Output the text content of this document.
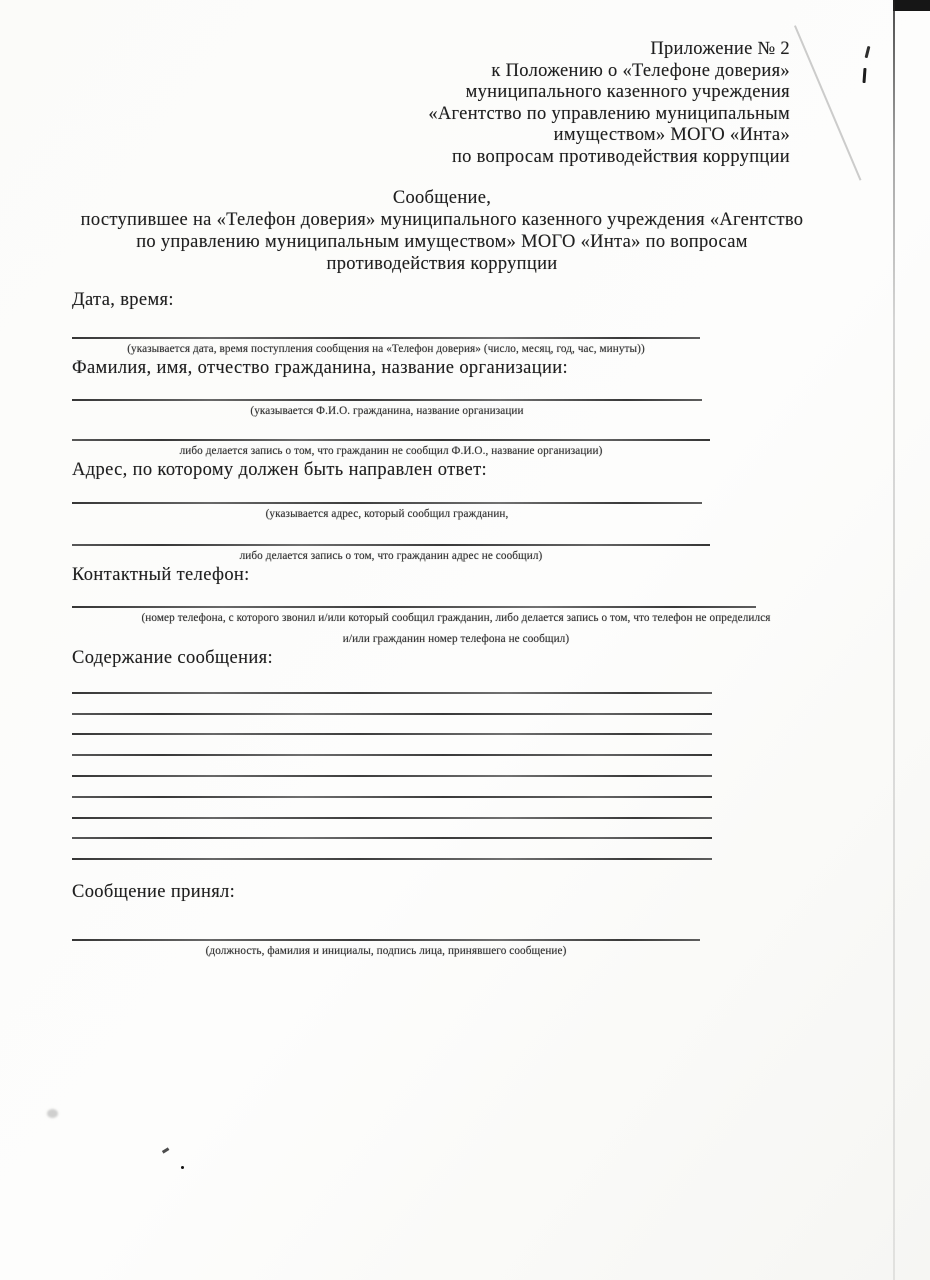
Приложение № 2
к Положению о «Телефоне доверия»
муниципального казенного учреждения
«Агентство по управлению муниципальным
имуществом» МОГО «Инта»
по вопросам противодействия коррупции
Сообщение,
поступившее на «Телефон доверия» муниципального казенного учреждения «Агентство
по управлению муниципальным имуществом» МОГО «Инта» по вопросам
противодействия коррупции
Дата, время:
(указывается дата, время поступления сообщения на «Телефон доверия» (число, месяц, год, час, минуты))
Фамилия, имя, отчество гражданина, название организации:
(указывается Ф.И.О. гражданина, название организации
либо делается запись о том, что гражданин не сообщил Ф.И.О., название организации)
Адрес, по которому должен быть направлен ответ:
(указывается адрес, который сообщил гражданин,
либо делается запись о том, что гражданин адрес не сообщил)
Контактный телефон:
(номер телефона, с которого звонил и/или который сообщил гражданин, либо делается запись о том, что телефон не определился
и/или гражданин номер телефона не сообщил)
Содержание сообщения:
Сообщение принял:
(должность, фамилия и инициалы, подпись лица, принявшего сообщение)
